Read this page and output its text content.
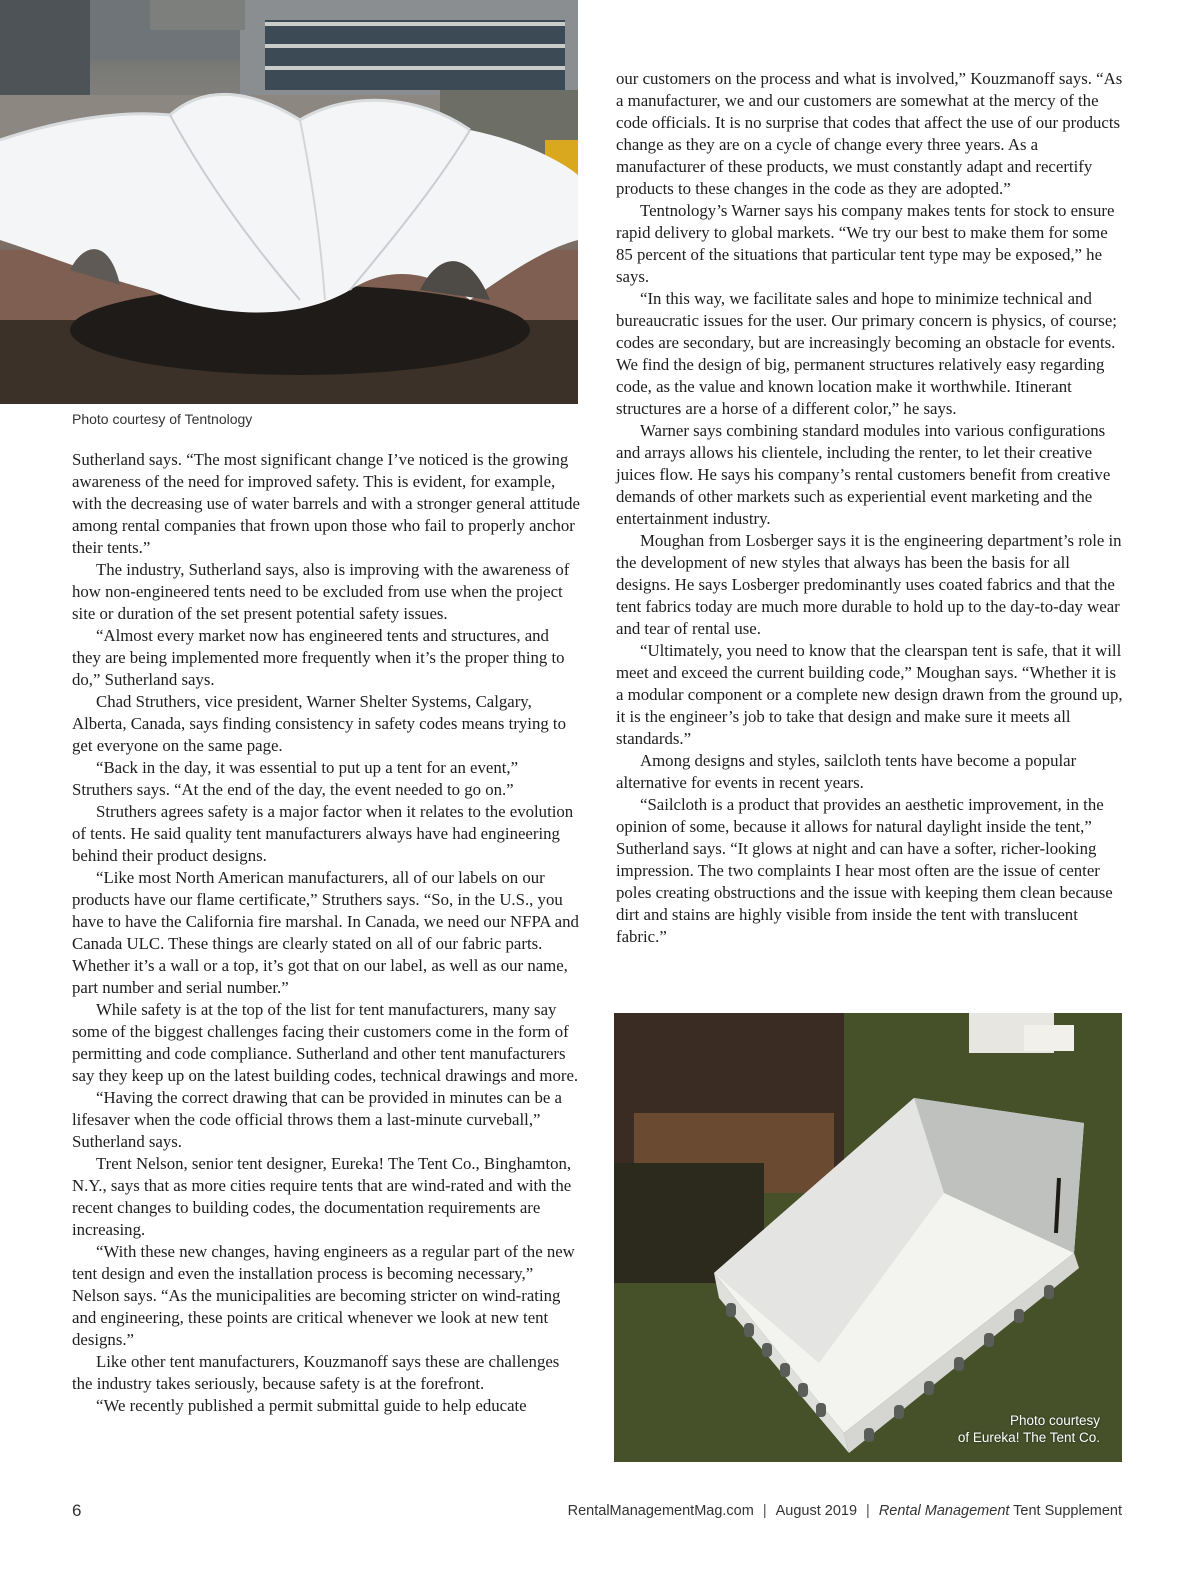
Photo courtesy of Tentnology
Photo courtesy
of Eureka! The Tent Co.

Sutherland says. “The most significant change I’ve noticed is the growing awareness of the need for improved safety. This is evident, for example, with the decreasing use of water barrels and with a stronger general attitude among rental companies that frown upon those who fail to properly anchor their tents.”

The industry, Sutherland says, also is improving with the awareness of how non-engineered tents need to be excluded from use when the project site or duration of the set present potential safety issues.

“Almost every market now has engineered tents and structures, and they are being implemented more frequently when it’s the proper thing to do,” Sutherland says.

Chad Struthers, vice president, Warner Shelter Systems, Calgary, Alberta, Canada, says finding consistency in safety codes means trying to get everyone on the same page.

“Back in the day, it was essential to put up a tent for an event,” Struthers says. “At the end of the day, the event needed to go on.”

Struthers agrees safety is a major factor when it relates to the evolution of tents. He said quality tent manufacturers always have had engineering behind their product designs.

“Like most North American manufacturers, all of our labels on our products have our flame certificate,” Struthers says. “So, in the U.S., you have to have the California fire marshal. In Canada, we need our NFPA and Canada ULC. These things are clearly stated on all of our fabric parts. Whether it’s a wall or a top, it’s got that on our label, as well as our name, part number and serial number.”

While safety is at the top of the list for tent manufacturers, many say some of the biggest challenges facing their customers come in the form of permitting and code compliance. Sutherland and other tent manufacturers say they keep up on the latest building codes, technical drawings and more.

“Having the correct drawing that can be provided in minutes can be a lifesaver when the code official throws them a last-minute curveball,” Sutherland says.

Trent Nelson, senior tent designer, Eureka! The Tent Co., Binghamton, N.Y., says that as more cities require tents that are wind-rated and with the recent changes to building codes, the documentation requirements are increasing.

“With these new changes, having engineers as a regular part of the new tent design and even the installation process is becoming necessary,” Nelson says. “As the municipalities are becoming stricter on wind-rating and engineering, these points are critical whenever we look at new tent designs.”

Like other tent manufacturers, Kouzmanoff says these are challenges the industry takes seriously, because safety is at the forefront.

“We recently published a permit submittal guide to help educate

our customers on the process and what is involved,” Kouzmanoff says. “As a manufacturer, we and our customers are somewhat at the mercy of the code officials. It is no surprise that codes that affect the use of our products change as they are on a cycle of change every three years. As a manufacturer of these products, we must constantly adapt and recertify products to these changes in the code as they are adopted.”

Tentnology’s Warner says his company makes tents for stock to ensure rapid delivery to global markets. “We try our best to make them for some 85 percent of the situations that particular tent type may be exposed,” he says.

“In this way, we facilitate sales and hope to minimize technical and bureaucratic issues for the user. Our primary concern is physics, of course; codes are secondary, but are increasingly becoming an obstacle for events. We find the design of big, permanent structures relatively easy regarding code, as the value and known location make it worthwhile. Itinerant structures are a horse of a different color,” he says.

Warner says combining standard modules into various configurations and arrays allows his clientele, including the renter, to let their creative juices flow. He says his company’s rental customers benefit from creative demands of other markets such as experiential event marketing and the entertainment industry.

Moughan from Losberger says it is the engineering department’s role in the development of new styles that always has been the basis for all designs. He says Losberger predominantly uses coated fabrics and that the tent fabrics today are much more durable to hold up to the day-to-day wear and tear of rental use.

“Ultimately, you need to know that the clearspan tent is safe, that it will meet and exceed the current building code,” Moughan says. “Whether it is a modular component or a complete new design drawn from the ground up, it is the engineer’s job to take that design and make sure it meets all standards.”

Among designs and styles, sailcloth tents have become a popular alternative for events in recent years.

“Sailcloth is a product that provides an aesthetic improvement, in the opinion of some, because it allows for natural daylight inside the tent,” Sutherland says. “It glows at night and can have a softer, richer-looking impression. The two complaints I hear most often are the issue of center poles creating obstructions and the issue with keeping them clean because dirt and stains are highly visible from inside the tent with translucent fabric.”

6	RentalManagementMag.com | August 2019 | Rental Management Tent Supplement
